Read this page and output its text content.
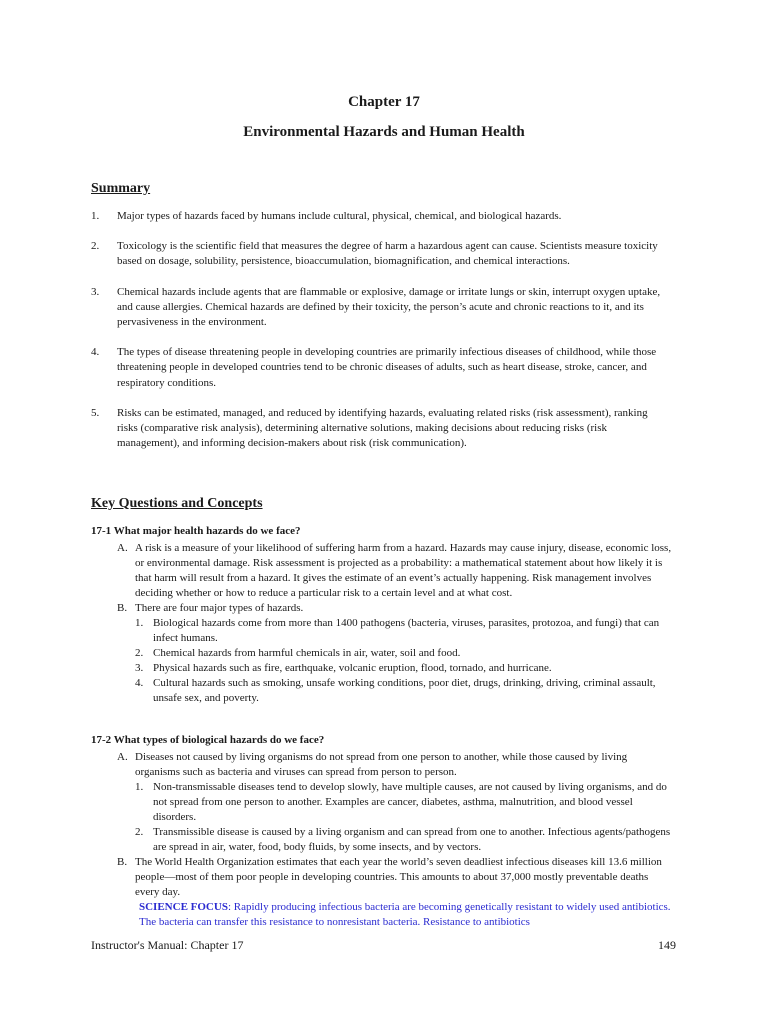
Chapter 17
Environmental Hazards and Human Health
Summary
1. Major types of hazards faced by humans include cultural, physical, chemical, and biological hazards.
2. Toxicology is the scientific field that measures the degree of harm a hazardous agent can cause. Scientists measure toxicity based on dosage, solubility, persistence, bioaccumulation, biomagnification, and chemical interactions.
3. Chemical hazards include agents that are flammable or explosive, damage or irritate lungs or skin, interrupt oxygen uptake, and cause allergies. Chemical hazards are defined by their toxicity, the person’s acute and chronic reactions to it, and its pervasiveness in the environment.
4. The types of disease threatening people in developing countries are primarily infectious diseases of childhood, while those threatening people in developed countries tend to be chronic diseases of adults, such as heart disease, stroke, cancer, and respiratory conditions.
5. Risks can be estimated, managed, and reduced by identifying hazards, evaluating related risks (risk assessment), ranking risks (comparative risk analysis), determining alternative solutions, making decisions about reducing risks (risk management), and informing decision-makers about risk (risk communication).
Key Questions and Concepts
17-1 What major health hazards do we face?
A. A risk is a measure of your likelihood of suffering harm from a hazard. Hazards may cause injury, disease, economic loss, or environmental damage. Risk assessment is projected as a probability: a mathematical statement about how likely it is that harm will result from a hazard. It gives the estimate of an event’s actually happening. Risk management involves deciding whether or how to reduce a particular risk to a certain level and at what cost.
B. There are four major types of hazards.
1. Biological hazards come from more than 1400 pathogens (bacteria, viruses, parasites, protozoa, and fungi) that can infect humans.
2. Chemical hazards from harmful chemicals in air, water, soil and food.
3. Physical hazards such as fire, earthquake, volcanic eruption, flood, tornado, and hurricane.
4. Cultural hazards such as smoking, unsafe working conditions, poor diet, drugs, drinking, driving, criminal assault, unsafe sex, and poverty.
17-2 What types of biological hazards do we face?
A. Diseases not caused by living organisms do not spread from one person to another, while those caused by living organisms such as bacteria and viruses can spread from person to person.
1. Non-transmissable diseases tend to develop slowly, have multiple causes, are not caused by living organisms, and do not spread from one person to another. Examples are cancer, diabetes, asthma, malnutrition, and blood vessel disorders.
2. Transmissible disease is caused by a living organism and can spread from one to another. Infectious agents/pathogens are spread in air, water, food, body fluids, by some insects, and by vectors.
B. The World Health Organization estimates that each year the world’s seven deadliest infectious diseases kill 13.6 million people—most of them poor people in developing countries. This amounts to about 37,000 mostly preventable deaths every day.
SCIENCE FOCUS: Rapidly producing infectious bacteria are becoming genetically resistant to widely used antibiotics. The bacteria can transfer this resistance to nonresistant bacteria. Resistance to antibiotics
Instructor's Manual: Chapter 17	149
